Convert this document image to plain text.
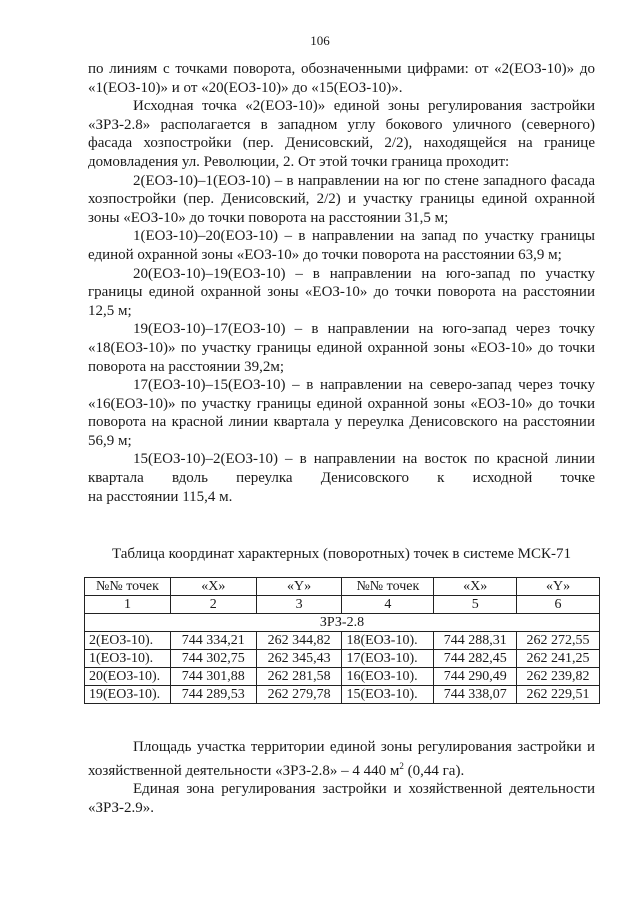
106

по линиям с точками поворота, обозначенными цифрами: от «2(ЕОЗ-10)» до «1(ЕОЗ-10)» и от «20(ЕОЗ-10)» до «15(ЕОЗ-10)».

Исходная точка «2(ЕОЗ-10)» единой зоны регулирования застройки «ЗРЗ-2.8» располагается в западном углу бокового уличного (северного) фасада хозпостройки (пер. Денисовский, 2/2), находящейся на границе домовладения ул. Революции, 2. От этой точки граница проходит:

2(ЕОЗ-10)–1(ЕОЗ-10) – в направлении на юг по стене западного фасада хозпостройки (пер. Денисовский, 2/2) и участку границы единой охранной зоны «ЕОЗ-10» до точки поворота на расстоянии 31,5 м;

1(ЕОЗ-10)–20(ЕОЗ-10) – в направлении на запад по участку границы единой охранной зоны «ЕОЗ-10» до точки поворота на расстоянии 63,9 м;

20(ЕОЗ-10)–19(ЕОЗ-10) – в направлении на юго-запад по участку границы единой охранной зоны «ЕОЗ-10» до точки поворота на расстоянии 12,5 м;

19(ЕОЗ-10)–17(ЕОЗ-10) – в направлении на юго-запад через точку «18(ЕОЗ-10)» по участку границы единой охранной зоны «ЕОЗ-10» до точки поворота на расстоянии 39,2м;

17(ЕОЗ-10)–15(ЕОЗ-10) – в направлении на северо-запад через точку «16(ЕОЗ-10)» по участку границы единой охранной зоны «ЕОЗ-10» до точки поворота на красной линии квартала у переулка Денисовского на расстоянии 56,9 м;

15(ЕОЗ-10)–2(ЕОЗ-10) – в направлении на восток по красной линии квартала вдоль переулка Денисовского к исходной точке

на расстоянии 115,4 м.

Таблица координат характерных (поворотных) точек в системе МСК-71
№№ точек	«X»	«Y»	№№ точек	«X»	«Y»
1	2	3	4	5	6
ЗРЗ-2.8					
2(ЕОЗ-10).	744 334,21	262 344,82	18(ЕОЗ-10).	744 288,31	262 272,55
1(ЕОЗ-10).	744 302,75	262 345,43	17(ЕОЗ-10).	744 282,45	262 241,25
20(ЕОЗ-10).	744 301,88	262 281,58	16(ЕОЗ-10).	744 290,49	262 239,82
19(ЕОЗ-10).	744 289,53	262 279,78	15(ЕОЗ-10).	744 338,07	262 229,51

Площадь участка территории единой зоны регулирования застройки и хозяйственной деятельности «ЗРЗ-2.8» – 4 440 $м^2$ (0,44 га).

Единая зона регулирования застройки и хозяйственной деятельности «ЗРЗ-2.9».
